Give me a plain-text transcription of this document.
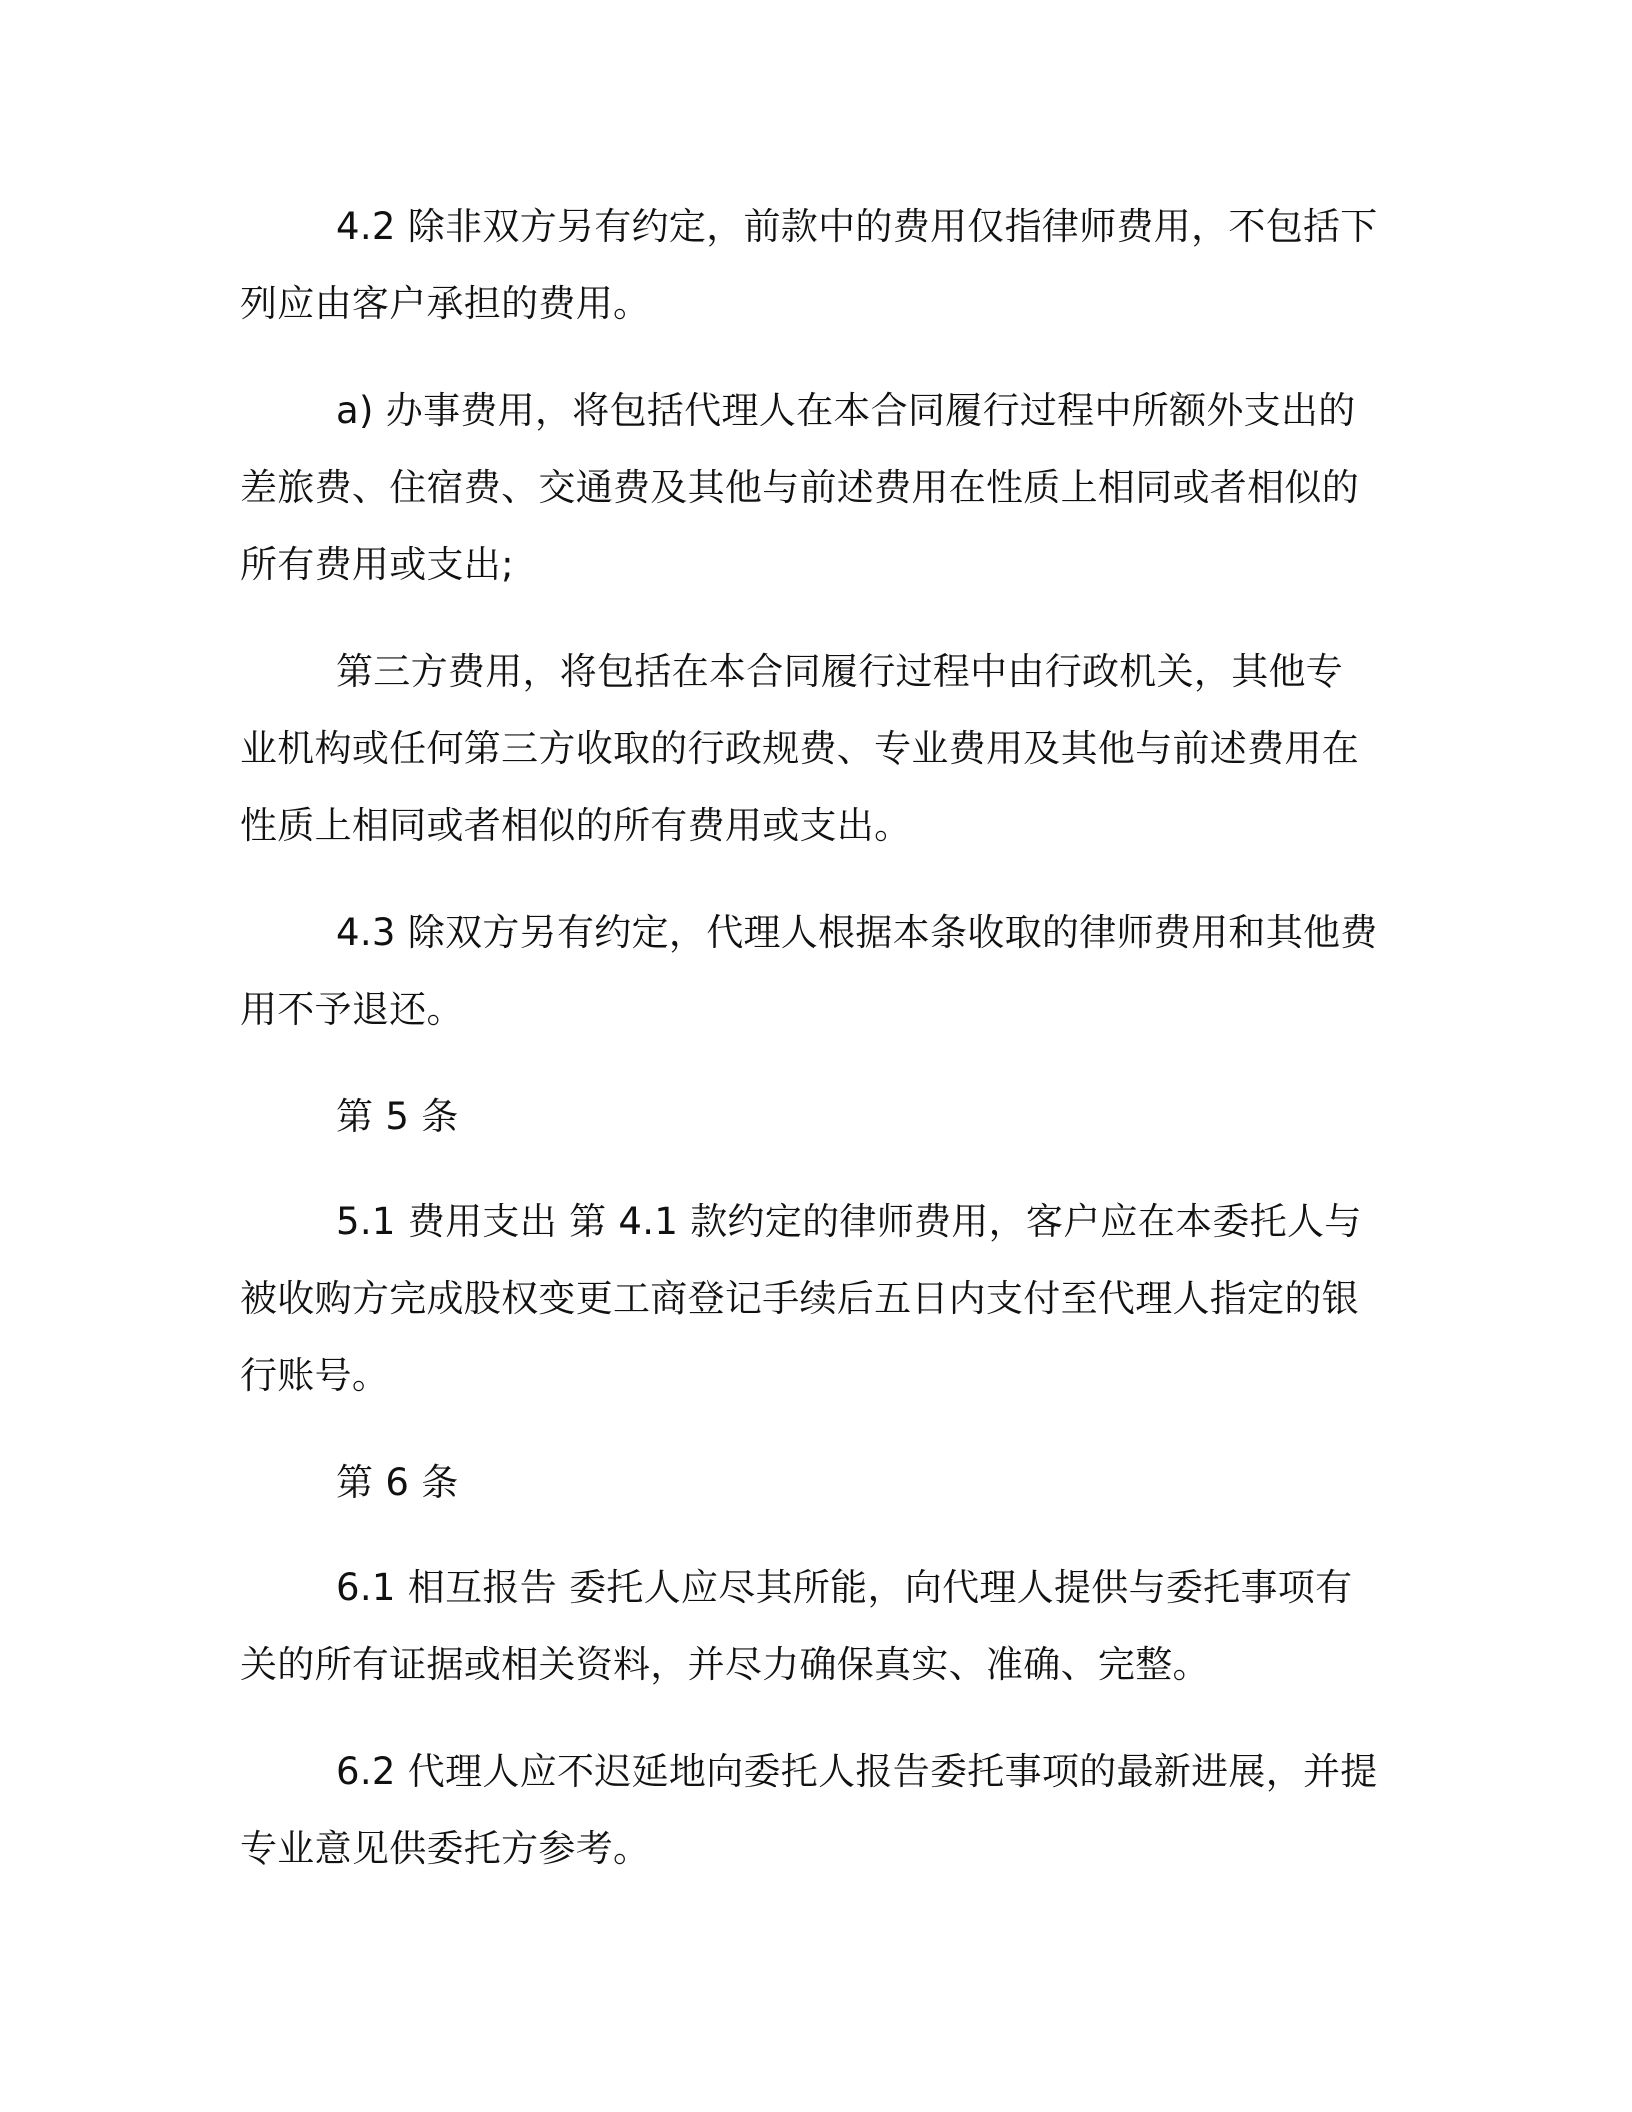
4.2 除非双方另有约定，前款中的费用仅指律师费用，不包括下列应由客户承担的费用。

a) 办事费用，将包括代理人在本合同履行过程中所额外支出的差旅费、住宿费、交通费及其他与前述费用在性质上相同或者相似的所有费用或支出;

第三方费用，将包括在本合同履行过程中由行政机关，其他专业机构或任何第三方收取的行政规费、专业费用及其他与前述费用在性质上相同或者相似的所有费用或支出。

4.3 除双方另有约定，代理人根据本条收取的律师费用和其他费用不予退还。

第 5 条

5.1 费用支出 第 4.1 款约定的律师费用，客户应在本委托人与被收购方完成股权变更工商登记手续后五日内支付至代理人指定的银行账号。

第 6 条

6.1 相互报告 委托人应尽其所能，向代理人提供与委托事项有关的所有证据或相关资料，并尽力确保真实、准确、完整。

6.2 代理人应不迟延地向委托人报告委托事项的最新进展，并提专业意见供委托方参考。
